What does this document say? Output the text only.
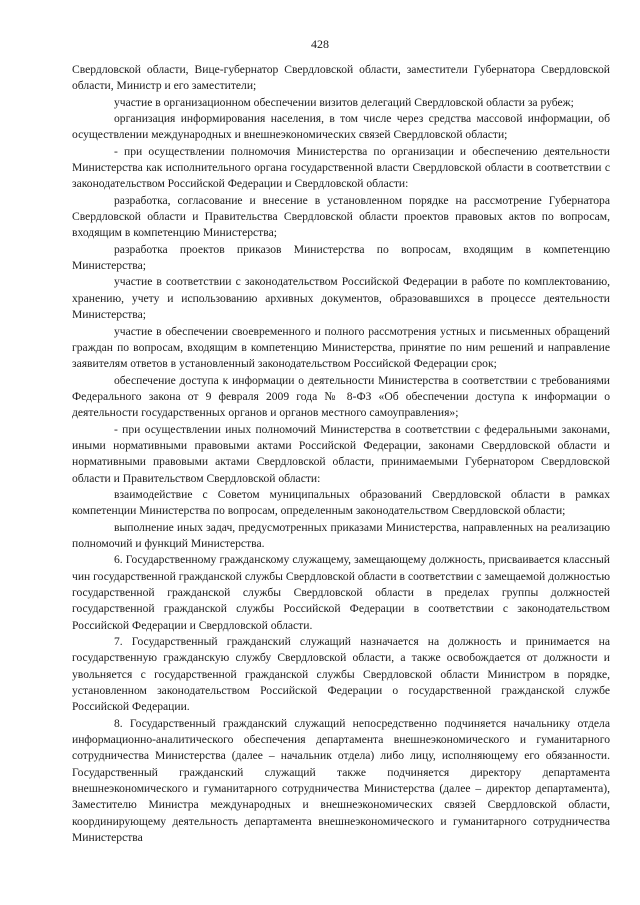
428

Свердловской области, Вице-губернатор Свердловской области, заместители Губернатора Свердловской области, Министр и его заместители;

участие в организационном обеспечении визитов делегаций Свердловской области за рубеж;

организация информирования населения, в том числе через средства массовой информации, об осуществлении международных и внешнеэкономических связей Свердловской области;

- при осуществлении полномочия Министерства по организации и обеспечению деятельности Министерства как исполнительного органа государственной власти Свердловской области в соответствии с законодательством Российской Федерации и Свердловской области:

разработка, согласование и внесение в установленном порядке на рассмотрение Губернатора Свердловской области и Правительства Свердловской области проектов правовых актов по вопросам, входящим в компетенцию Министерства;

разработка проектов приказов Министерства по вопросам, входящим в компетенцию Министерства;

участие в соответствии с законодательством Российской Федерации в работе по комплектованию, хранению, учету и использованию архивных документов, образовавшихся в процессе деятельности Министерства;

участие в обеспечении своевременного и полного рассмотрения устных и письменных обращений граждан по вопросам, входящим в компетенцию Министерства, принятие по ним решений и направление заявителям ответов в установленный законодательством Российской Федерации срок;

обеспечение доступа к информации о деятельности Министерства в соответствии с требованиями Федерального закона от 9 февраля 2009 года № 8-ФЗ «Об обеспечении доступа к информации о деятельности государственных органов и органов местного самоуправления»;

- при осуществлении иных полномочий Министерства в соответствии с федеральными законами, иными нормативными правовыми актами Российской Федерации, законами Свердловской области и нормативными правовыми актами Свердловской области, принимаемыми Губернатором Свердловской области и Правительством Свердловской области:

взаимодействие с Советом муниципальных образований Свердловской области в рамках компетенции Министерства по вопросам, определенным законодательством Свердловской области;

выполнение иных задач, предусмотренных приказами Министерства, направленных на реализацию полномочий и функций Министерства.

6. Государственному гражданскому служащему, замещающему должность, присваивается классный чин государственной гражданской службы Свердловской области в соответствии с замещаемой должностью государственной гражданской службы Свердловской области в пределах группы должностей государственной гражданской службы Российской Федерации в соответствии с законодательством Российской Федерации и Свердловской области.

7. Государственный гражданский служащий назначается на должность и принимается на государственную гражданскую службу Свердловской области, а также освобождается от должности и увольняется с государственной гражданской службы Свердловской области Министром в порядке, установленном законодательством Российской Федерации о государственной гражданской службе Российской Федерации.

8. Государственный гражданский служащий непосредственно подчиняется начальнику отдела информационно-аналитического обеспечения департамента внешнеэкономического и гуманитарного сотрудничества Министерства (далее – начальник отдела) либо лицу, исполняющему его обязанности. Государственный гражданский служащий также подчиняется директору департамента внешнеэкономического и гуманитарного сотрудничества Министерства (далее – директор департамента), Заместителю Министра международных и внешнеэкономических связей Свердловской области, координирующему деятельность департамента внешнеэкономического и гуманитарного сотрудничества Министерства
